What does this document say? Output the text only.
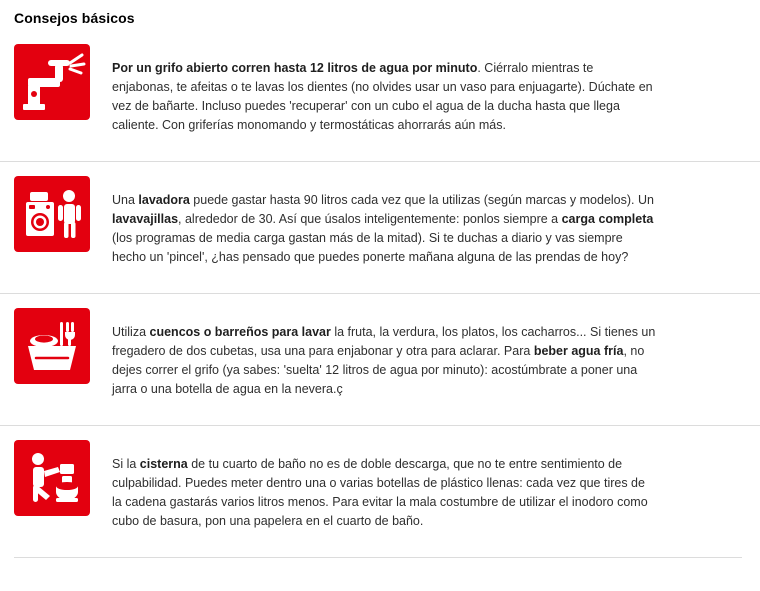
Consejos básicos

Por un grifo abierto corren hasta 12 litros de agua por minuto. Ciérralo mientras te enjabonas, te afeitas o te lavas los dientes (no olvides usar un vaso para enjuagarte). Dúchate en vez de bañarte. Incluso puedes 'recuperar' con un cubo el agua de la ducha hasta que llega caliente. Con griferías monomando y termostáticas ahorrarás aún más.

Una lavadora puede gastar hasta 90 litros cada vez que la utilizas (según marcas y modelos). Un lavavajillas, alrededor de 30. Así que úsalos inteligentemente: ponlos siempre a carga completa (los programas de media carga gastan más de la mitad). Si te duchas a diario y vas siempre hecho un 'pincel', ¿has pensado que puedes ponerte mañana alguna de las prendas de hoy?

Utiliza cuencos o barreños para lavar la fruta, la verdura, los platos, los cacharros... Si tienes un fregadero de dos cubetas, usa una para enjabonar y otra para aclarar. Para beber agua fría, no dejes correr el grifo (ya sabes: 'suelta' 12 litros de agua por minuto): acostúmbrate a poner una jarra o una botella de agua en la nevera.ç

Si la cisterna de tu cuarto de baño no es de doble descarga, que no te entre sentimiento de culpabilidad. Puedes meter dentro una o varias botellas de plástico llenas: cada vez que tires de la cadena gastarás varios litros menos. Para evitar la mala costumbre de utilizar el inodoro como cubo de basura, pon una papelera en el cuarto de baño.
